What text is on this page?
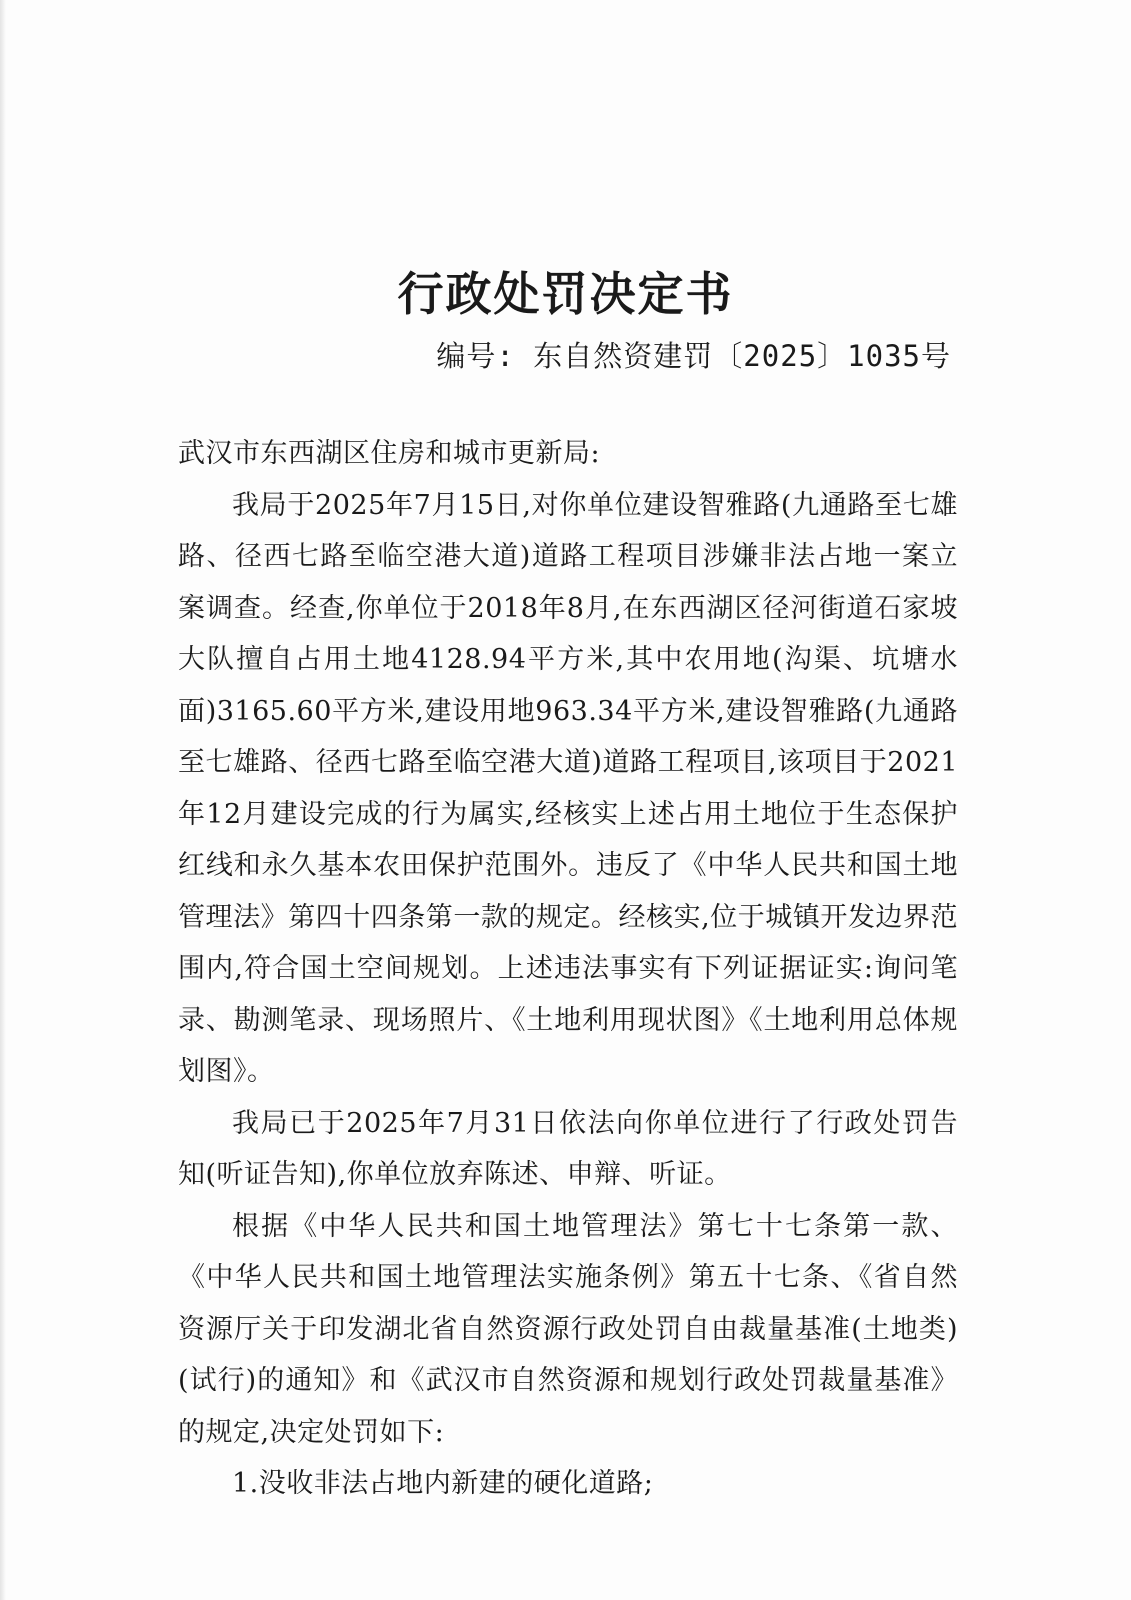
行政处罚决定书
编号: 东自然资建罚〔2025〕1035号

武汉市东西湖区住房和城市更新局:

我局于2025年7月15日,对你单位建设智雅路(九通路至七雄路、径西七路至临空港大道)道路工程项目涉嫌非法占地一案立案调查。经查,你单位于2018年8月,在东西湖区径河街道石家坡大队擅自占用土地4128.94平方米,其中农用地(沟渠、坑塘水面)3165.60平方米,建设用地963.34平方米,建设智雅路(九通路至七雄路、径西七路至临空港大道)道路工程项目,该项目于2021年12月建设完成的行为属实,经核实上述占用土地位于生态保护红线和永久基本农田保护范围外。违反了《中华人民共和国土地管理法》第四十四条第一款的规定。经核实,位于城镇开发边界范围内,符合国土空间规划。上述违法事实有下列证据证实:询问笔录、勘测笔录、现场照片、《土地利用现状图》《土地利用总体规划图》。

我局已于2025年7月31日依法向你单位进行了行政处罚告知(听证告知),你单位放弃陈述、申辩、听证。

根据《中华人民共和国土地管理法》第七十七条第一款、《中华人民共和国土地管理法实施条例》第五十七条、《省自然资源厅关于印发湖北省自然资源行政处罚自由裁量基准(土地类)(试行)的通知》和《武汉市自然资源和规划行政处罚裁量基准》的规定,决定处罚如下:

1.没收非法占地内新建的硬化道路;
